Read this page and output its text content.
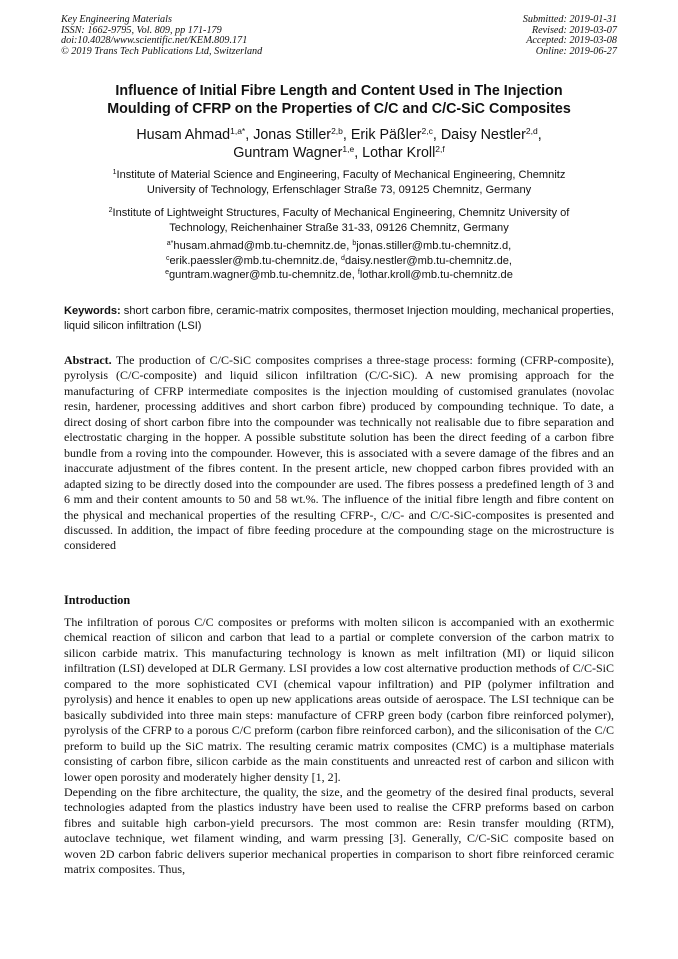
Key Engineering Materials
ISSN: 1662-9795, Vol. 809, pp 171-179
doi:10.4028/www.scientific.net/KEM.809.171
© 2019 Trans Tech Publications Ltd, Switzerland
Submitted: 2019-01-31
Revised: 2019-03-07
Accepted: 2019-03-08
Online: 2019-06-27
Influence of Initial Fibre Length and Content Used in The Injection
Moulding of CFRP on the Properties of C/C and C/C-SiC Composites
Husam Ahmad$^{1,a*}$, Jonas Stiller$^{2,b}$, Erik Päßler$^{2,c}$, Daisy Nestler$^{2,d}$,
Guntram Wagner$^{1,e}$, Lothar Kroll$^{2,f}$
$^1$Institute of Material Science and Engineering, Faculty of Mechanical Engineering, Chemnitz
University of Technology, Erfenschlager Straße 73, 09125 Chemnitz, Germany
$^2$Institute of Lightweight Structures, Faculty of Mechanical Engineering, Chemnitz University of
Technology, Reichenhainer Straße 31-33, 09126 Chemnitz, Germany
$^{a*}$husam.ahmad@mb.tu-chemnitz.de, $^b$jonas.stiller@mb.tu-chemnitz.d,
$^c$erik.paessler@mb.tu-chemnitz.de, $^d$daisy.nestler@mb.tu-chemnitz.de,
$^e$guntram.wagner@mb.tu-chemnitz.de, $^f$lothar.kroll@mb.tu-chemnitz.de
Keywords: short carbon fibre, ceramic-matrix composites, thermoset Injection moulding, mechanical properties, liquid silicon infiltration (LSI)
Abstract. The production of C/C-SiC composites comprises a three-stage process: forming (CFRP-composite), pyrolysis (C/C-composite) and liquid silicon infiltration (C/C-SiC). A new promising approach for the manufacturing of CFRP intermediate composites is the injection moulding of customised granulates (novolac resin, hardener, processing additives and short carbon fibre) produced by compounding technique. To date, a direct dosing of short carbon fibre into the compounder was technically not realisable due to fibre separation and electrostatic charging in the hopper. A possible substitute solution has been the direct feeding of a carbon fibre bundle from a roving into the compounder. However, this is associated with a severe damage of the fibres and an inaccurate adjustment of the fibres content. In the present article, new chopped carbon fibres provided with an adapted sizing to be directly dosed into the compounder are used. The fibres possess a predefined length of 3 and 6 mm and their content amounts to 50 and 58 wt.%. The influence of the initial fibre length and fibre content on the physical and mechanical properties of the resulting CFRP-, C/C- and C/C-SiC-composites is presented and discussed. In addition, the impact of fibre feeding procedure at the compounding stage on the microstructure is considered
Introduction

The infiltration of porous C/C composites or preforms with molten silicon is accompanied with an exothermic chemical reaction of silicon and carbon that lead to a partial or complete conversion of the carbon matrix to silicon carbide matrix. This manufacturing technology is known as melt infiltration (MI) or liquid silicon infiltration (LSI) developed at DLR Germany. LSI provides a low cost alternative production methods of C/C-SiC compared to the more sophisticated CVI (chemical vapour infiltration) and PIP (polymer infiltration and pyrolysis) and hence it enables to open up new applications areas outside of aerospace. The LSI technique can be basically subdivided into three main steps: manufacture of CFRP green body (carbon fibre reinforced polymer), pyrolysis of the CFRP to a porous C/C preform (carbon fibre reinforced carbon), and the siliconisation of the C/C preform to build up the SiC matrix. The resulting ceramic matrix composites (CMC) is a multiphase materials consisting of carbon fibre, silicon carbide as the main constituents and unreacted rest of carbon and silicon with lower open porosity and moderately higher density [1, 2].

Depending on the fibre architecture, the quality, the size, and the geometry of the desired final products, several technologies adapted from the plastics industry have been used to realise the CFRP preforms based on carbon fibres and suitable high carbon-yield precursors. The most common are: Resin transfer moulding (RTM), autoclave technique, wet filament winding, and warm pressing [3]. Generally, C/C-SiC composite based on woven 2D carbon fabric delivers superior mechanical properties in comparison to short fibre reinforced ceramic matrix composites. Thus,
